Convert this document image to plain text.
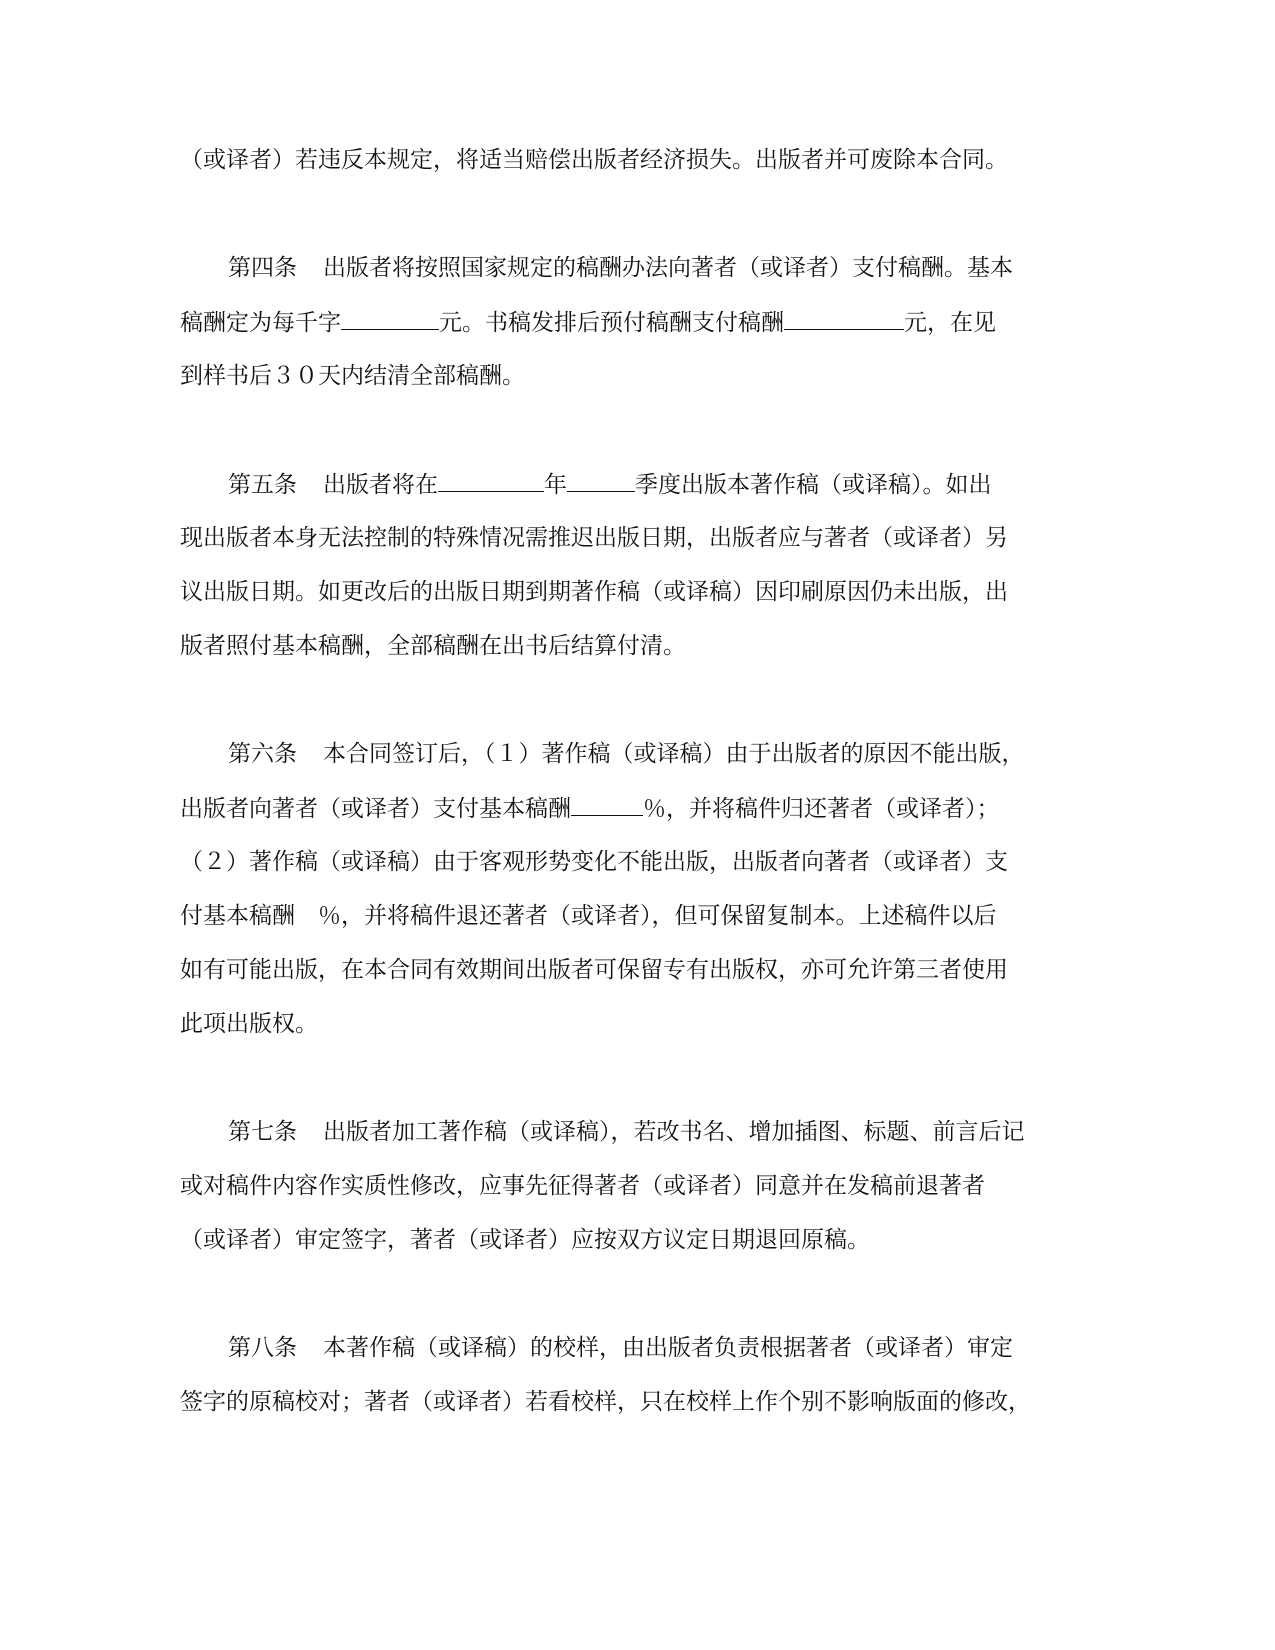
（或译者）若违反本规定，将适当赔偿出版者经济损失。出版者并可废除本合同。

第四条 出版者将按照国家规定的稿酬办法向著者（或译者）支付稿酬。基本

稿酬定为每千字	元。书稿发排后预付稿酬支付稿酬	元，在见

到样书后３０天内结清全部稿酬。

第五条 出版者将在	年	季度出版本著作稿（或译稿）。如出

现出版者本身无法控制的特殊情况需推迟出版日期，出版者应与著者（或译者）另

议出版日期。如更改后的出版日期到期著作稿（或译稿）因印刷原因仍未出版，出

版者照付基本稿酬，全部稿酬在出书后结算付清。

第六条 本合同签订后，（１）著作稿（或译稿）由于出版者的原因不能出版，

出版者向著者（或译者）支付基本稿酬	％，并将稿件归还著者（或译者）；

（２）著作稿（或译稿）由于客观形势变化不能出版，出版者向著者（或译者）支

付基本稿酬　％，并将稿件退还著者（或译者），但可保留复制本。上述稿件以后

如有可能出版，在本合同有效期间出版者可保留专有出版权，亦可允许第三者使用

此项出版权。

第七条 出版者加工著作稿（或译稿），若改书名、增加插图、标题、前言后记

或对稿件内容作实质性修改，应事先征得著者（或译者）同意并在发稿前退著者

（或译者）审定签字，著者（或译者）应按双方议定日期退回原稿。

第八条 本著作稿（或译稿）的校样，由出版者负责根据著者（或译者）审定

签字的原稿校对；著者（或译者）若看校样，只在校样上作个别不影响版面的修改，
